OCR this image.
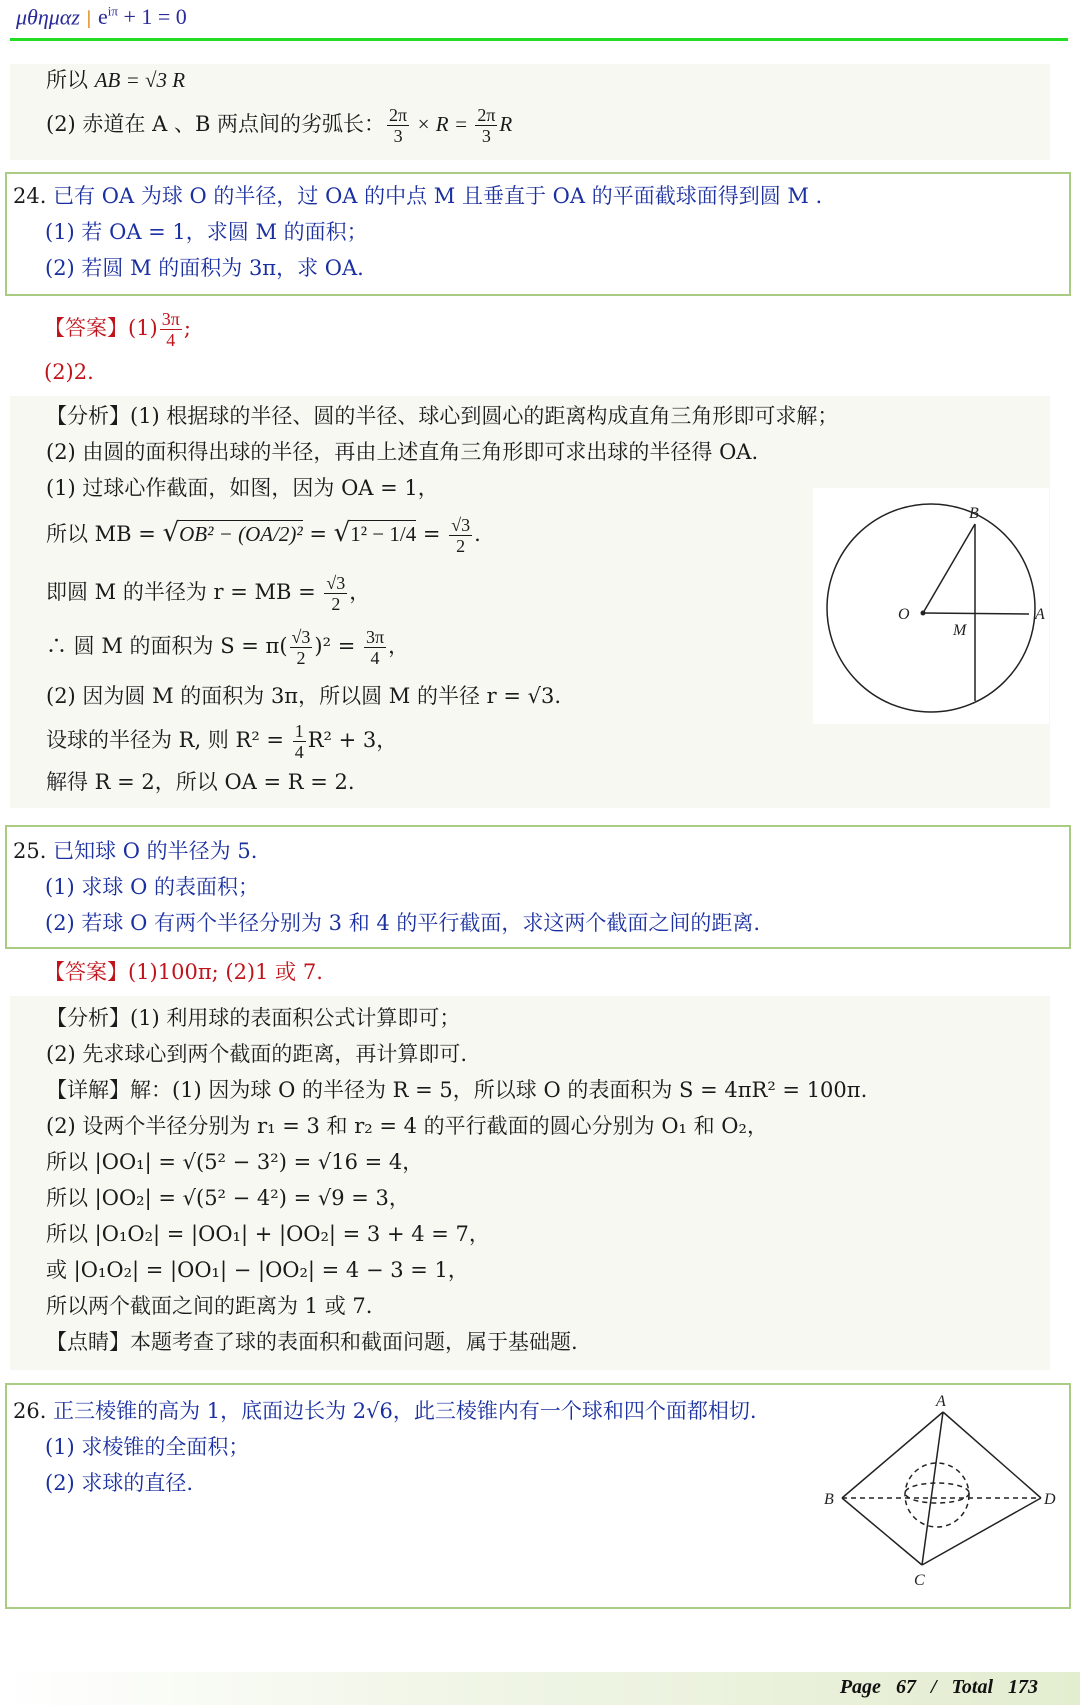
μθημαz | $e^{i\pi} + 1 = 0$
所以 AB = √3 R
(2) 赤道在 A 、B 两点间的劣弧长： $\frac{2\pi}{3} \times R = \frac{2\pi}{3}$ R
24. 已有 OA 为球 O 的半径，过 OA 的中点 M 且垂直于 OA 的平面截球面得到圆 M .
(1) 若 OA = 1，求圆 M 的面积；
(2) 若圆 M 的面积为 3π，求 OA.
【答案】$(1) \frac{3\pi}{4}$ ;
(2)2.
【分析】(1) 根据球的半径、圆的半径、球心到圆心的距离构成直角三角形即可求解；
(2) 由圆的面积得出球的半径，再由上述直角三角形即可求出球的半径得 OA.
(1) 过球心作截面，如图，因为 OA = 1，
所以 MB = $√OB^2 - (OA/2)^2 = √1^2 - 1/4 = \frac{√3}{2}$ .
即圆 M 的半径为 r = MB = $\frac{√3}{2}$ ，
∴ 圆 M 的面积为 $S = \pi( \frac{√3}{2} )^2 = \frac{3\pi}{4}$ ，
(2) 因为圆 M 的面积为 3π，所以圆 M 的半径 r = √3.
设球的半径为 R, 则 $R^2 = \frac{1}{4} R^2 + 3$，
解得 R = 2，所以 OA = R = 2.
O	A
B
M
25. 已知球 O 的半径为 5.
(1) 求球 O 的表面积；
(2) 若球 O 有两个半径分别为 3 和 4 的平行截面，求这两个截面之间的距离.
【答案】(1)100π; (2)1 或 7.
【分析】(1) 利用球的表面积公式计算即可；
(2) 先求球心到两个截面的距离，再计算即可.
【详解】解：(1) 因为球 O 的半径为 R = 5，所以球 O 的表面积为 S = 4πR² = 100π.
(2) 设两个半径分别为 r₁ = 3 和 r₂ = 4 的平行截面的圆心分别为 O₁ 和 O₂，
所以 |OO₁| = √(5² − 3²) = √16 = 4，
所以 |OO₂| = √(5² − 4²) = √9 = 3，
所以 |O₁O₂| = |OO₁| + |OO₂| = 3 + 4 = 7，
或 |O₁O₂| = |OO₁| − |OO₂| = 4 − 3 = 1，
所以两个截面之间的距离为 1 或 7.
【点睛】本题考查了球的表面积和截面问题，属于基础题.
26. 正三棱锥的高为 1，底面边长为 2√6，此三棱锥内有一个球和四个面都相切.
(1) 求棱锥的全面积；
(2) 求球的直径.
A
B
C
D
Page 67 / Total 173
